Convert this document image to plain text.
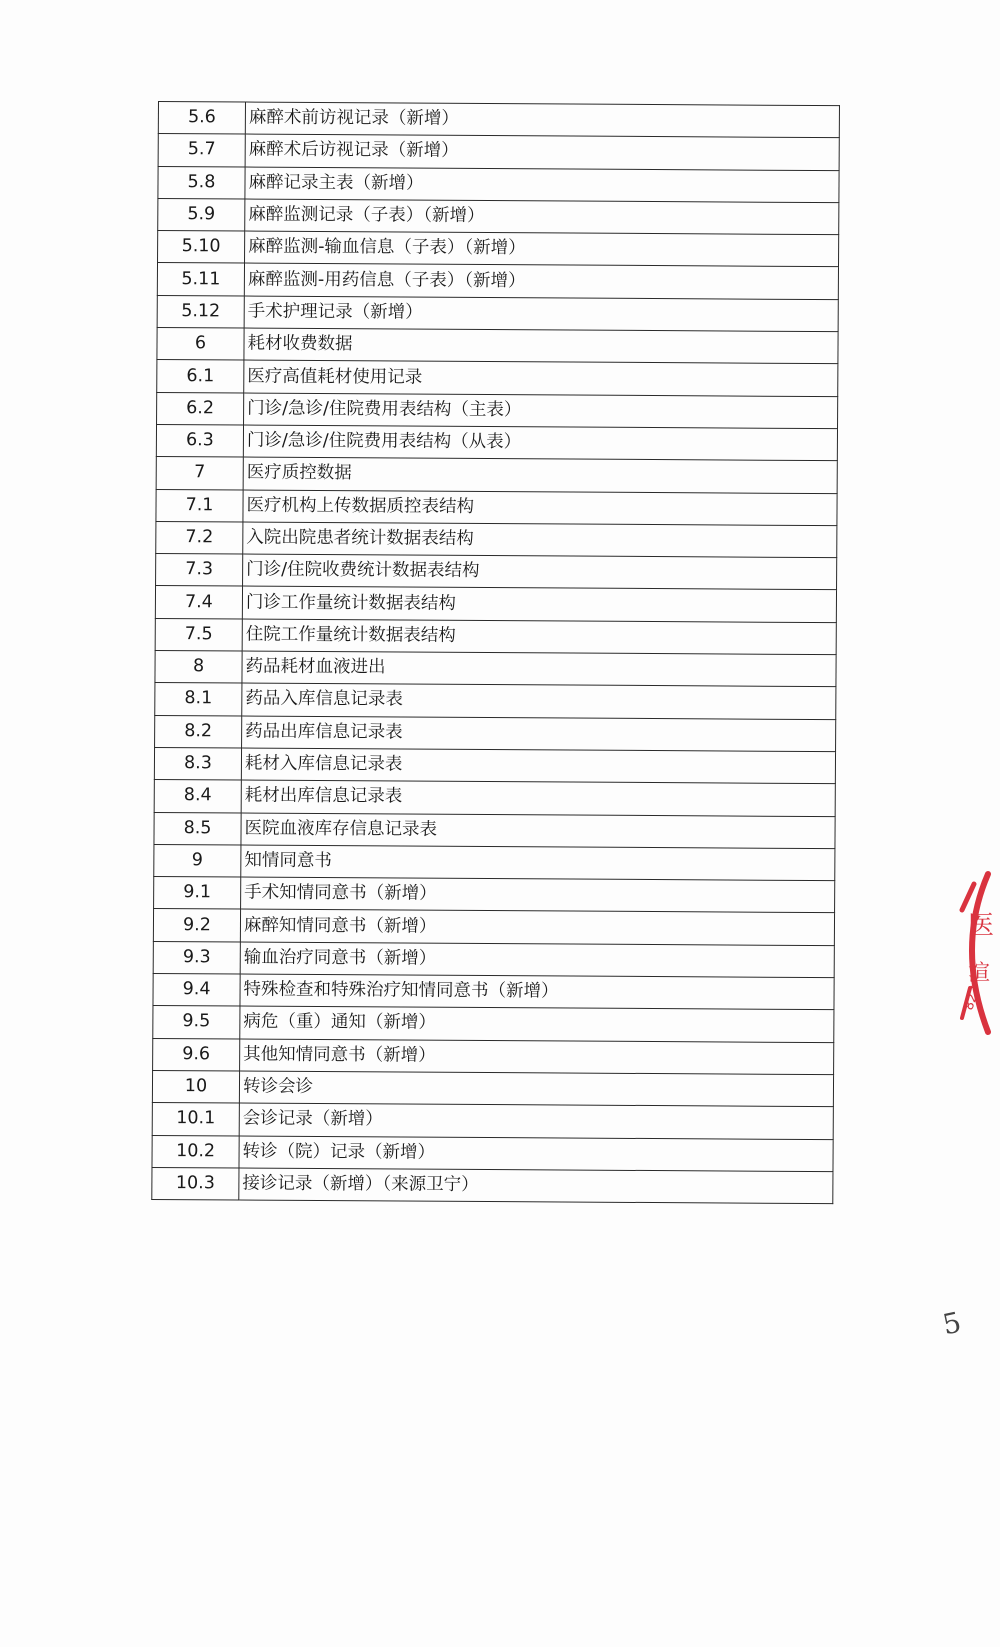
5.6	麻醉术前访视记录（新增）
5.7	麻醉术后访视记录（新增）
5.8	麻醉记录主表（新增）
5.9	麻醉监测记录（子表）（新增）
5.10	麻醉监测-输血信息（子表）（新增）
5.11	麻醉监测-用药信息（子表）（新增）
5.12	手术护理记录（新增）
6	耗材收费数据
6.1	医疗高值耗材使用记录
6.2	门诊/急诊/住院费用表结构（主表）
6.3	门诊/急诊/住院费用表结构（从表）
7	医疗质控数据
7.1	医疗机构上传数据质控表结构
7.2	入院出院患者统计数据表结构
7.3	门诊/住院收费统计数据表结构
7.4	门诊工作量统计数据表结构
7.5	住院工作量统计数据表结构
8	药品耗材血液进出
8.1	药品入库信息记录表
8.2	药品出库信息记录表
8.3	耗材入库信息记录表
8.4	耗材出库信息记录表
8.5	医院血液库存信息记录表
9	知情同意书
9.1	手术知情同意书（新增）
9.2	麻醉知情同意书（新增）
9.3	输血治疗同意书（新增）
9.4	特殊检查和特殊治疗知情同意书（新增）
9.5	病危（重）通知（新增）
9.6	其他知情同意书（新增）
10	转诊会诊
10.1	会诊记录（新增）
10.2	转诊（院）记录（新增）
10.3	接诊记录（新增）（来源卫宁）
医
渲
827
5
